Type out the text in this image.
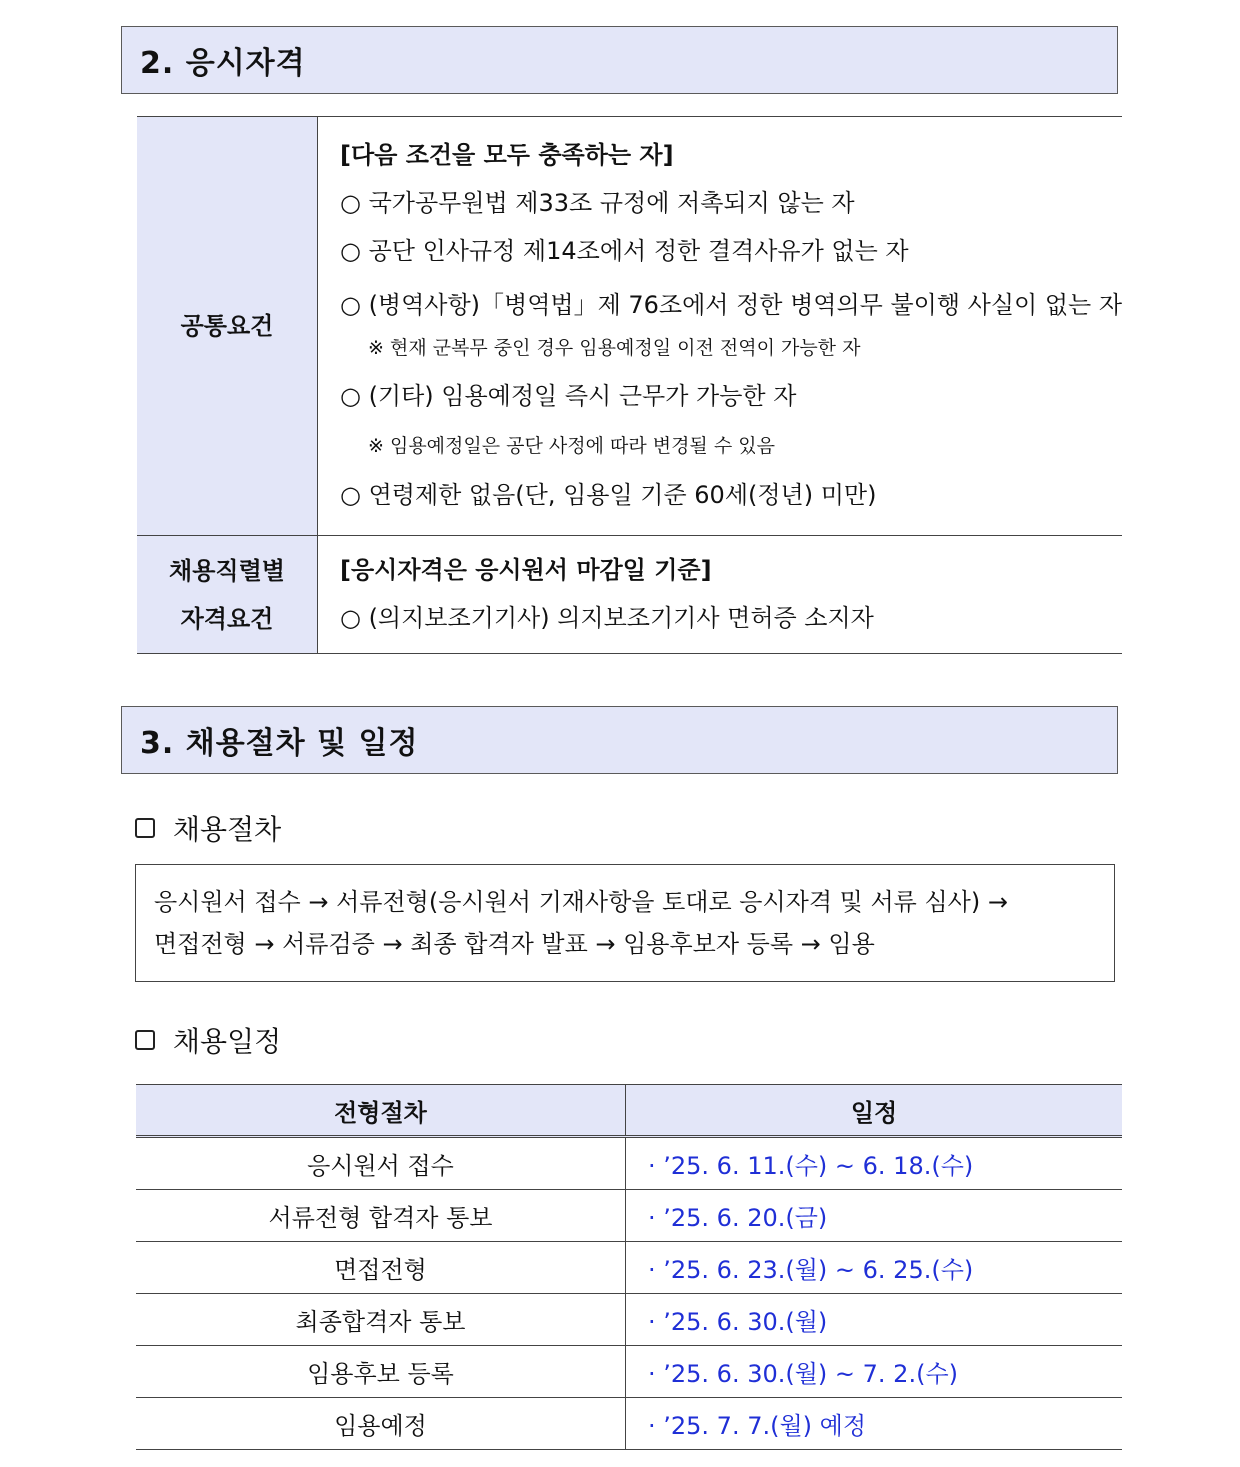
2. 응시자격
공통요건
[다음 조건을 모두 충족하는 자]
○ 국가공무원법 제33조 규정에 저촉되지 않는 자
○ 공단 인사규정 제14조에서 정한 결격사유가 없는 자
○ (병역사항)「병역법」제 76조에서 정한 병역의무 불이행 사실이 없는 자
※ 현재 군복무 중인 경우 임용예정일 이전 전역이 가능한 자
○ (기타) 임용예정일 즉시 근무가 가능한 자
※ 임용예정일은 공단 사정에 따라 변경될 수 있음
○ 연령제한 없음(단, 임용일 기준 60세(정년) 미만)
채용직렬별
자격요건
[응시자격은 응시원서 마감일 기준]
○ (의지보조기기사) 의지보조기기사 면허증 소지자
3. 채용절차 및 일정
채용절차
응시원서 접수 → 서류전형(응시원서 기재사항을 토대로 응시자격 및 서류 심사) →
면접전형 → 서류검증 → 최종 합격자 발표 → 임용후보자 등록 → 임용
채용일정
전형절차	일정
응시원서 접수	· ’25. 6. 11.(수) ~ 6. 18.(수)
서류전형 합격자 통보	· ’25. 6. 20.(금)
면접전형	· ’25. 6. 23.(월) ~ 6. 25.(수)
최종합격자 통보	· ’25. 6. 30.(월)
임용후보 등록	· ’25. 6. 30.(월) ~ 7. 2.(수)
임용예정	· ’25. 7. 7.(월) 예정
